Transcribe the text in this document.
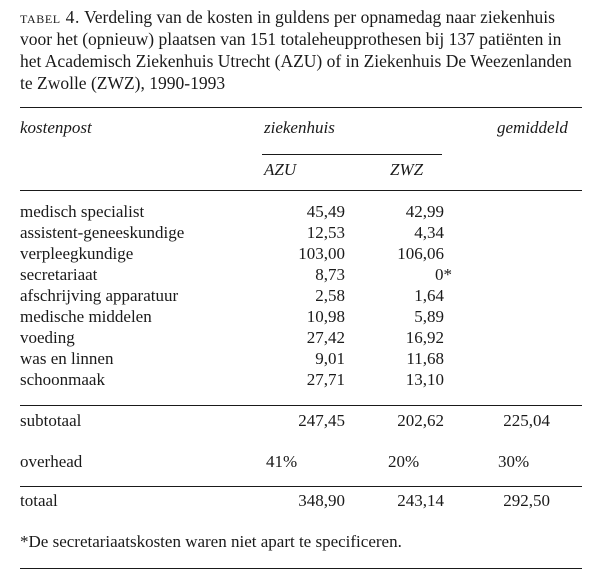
tabel 4. Verdeling van de kosten in guldens per opnamedag naar ziekenhuis voor het (opnieuw) plaatsen van 151 totaleheupprothesen bij 137 patiënten in het Academisch Ziekenhuis Utrecht (AZU) of in Ziekenhuis De Weezenlanden te Zwolle (ZWZ), 1990-1993
kostenpost	ziekenhuis	gemiddeld
AZU	ZWZ
medisch specialist	45,49	42,99
assistent-geneeskundige	12,53	4,34
verpleegkundige	103,00	106,06
secretariaat	8,73	0*
afschrijving apparatuur	2,58	1,64
medische middelen	10,98	5,89
voeding	27,42	16,92
was en linnen	9,01	11,68
schoonmaak	27,71	13,10
subtotaal	247,45	202,62	225,04
overhead	41%	20%	30%
totaal	348,90	243,14	292,50
*De secretariaatskosten waren niet apart te specificeren.
